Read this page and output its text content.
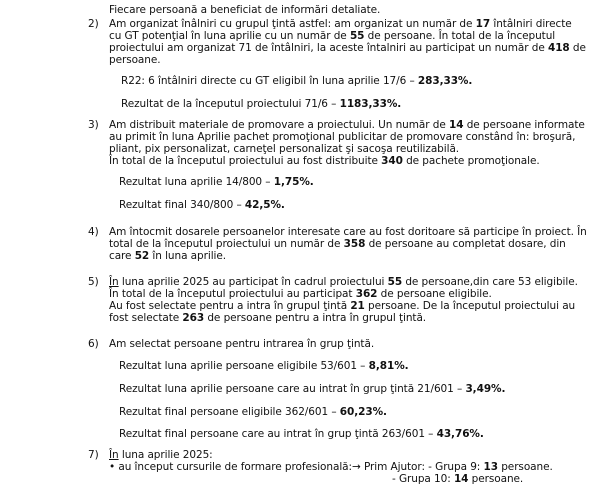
Fiecare persoană a beneficiat de informări detaliate.
2) Am organizat înâlniri cu grupul ţintă astfel: am organizat un număr de 17 întâlniri directe
cu GT potenţial în luna aprilie cu un număr de 55 de persoane. În total de la începutul
proiectului am organizat 71 de întâlniri, la aceste întalniri au participat un număr de 418 de
persoane.
R22: 6 întâlniri directe cu GT eligibil în luna aprilie 17/6 – 283,33%.
Rezultat de la începutul proiectului 71/6 – 1183,33%.
3) Am distribuit materiale de promovare a proiectului. Un număr de 14 de persoane informate
au primit în luna Aprilie pachet promoţional publicitar de promovare constând în: broşură,
pliant, pix personalizat, carneţel personalizat şi sacoşa reutilizabilă.
În total de la începutul proiectului au fost distribuite 340 de pachete promoţionale.
Rezultat luna aprilie 14/800 – 1,75%.
Rezultat final 340/800 – 42,5%.
4) Am întocmit dosarele persoanelor interesate care au fost doritoare să participe în proiect. În
total de la începutul proiectului un număr de 358 de persoane au completat dosare, din
care 52 în luna aprilie.
5) În luna aprilie 2025 au participat în cadrul proiectului 55 de persoane,din care 53 eligibile.
În total de la începutul proiectului au participat 362 de persoane eligibile.
Au fost selectate pentru a intra în grupul ţintă 21 persoane. De la începutul proiectului au
fost selectate 263 de persoane pentru a intra în grupul ţintă.
6) Am selectat persoane pentru intrarea în grup ţintă.
Rezultat luna aprilie persoane eligibile 53/601 – 8,81%.
Rezultat luna aprilie persoane care au intrat în grup ţintă 21/601 – 3,49%.
Rezultat final persoane eligibile 362/601 – 60,23%.
Rezultat final persoane care au intrat în grup ţintă 263/601 – 43,76%.
7) În luna aprilie 2025:
• au început cursurile de formare profesională:→ Prim Ajutor: - Grupa 9: 13 persoane.
- Grupa 10: 14 persoane.
